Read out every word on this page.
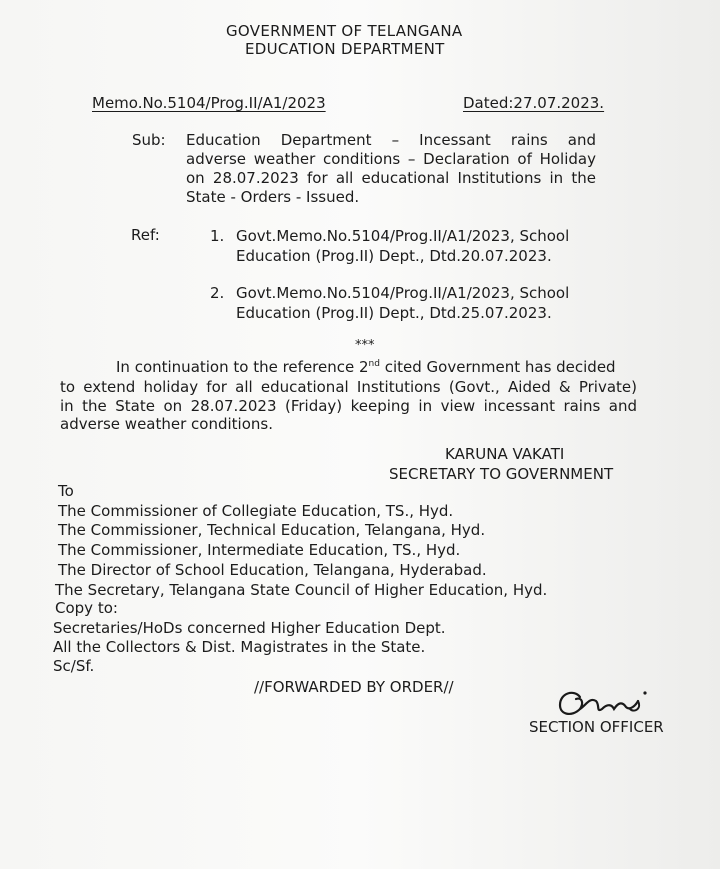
GOVERNMENT OF TELANGANA
EDUCATION DEPARTMENT
Memo.No.5104/Prog.II/A1/2023	Dated:27.07.2023.
Sub: Education Department – Incessant rains and
adverse weather conditions – Declaration of Holiday
on 28.07.2023 for all educational Institutions in the
State - Orders - Issued.
Ref:	1. Govt.Memo.No.5104/Prog.II/A1/2023, School
Education (Prog.II) Dept., Dtd.20.07.2023.
2. Govt.Memo.No.5104/Prog.II/A1/2023, School
Education (Prog.II) Dept., Dtd.25.07.2023.
***
In continuation to the reference 2nd cited Government has decided
to extend holiday for all educational Institutions (Govt., Aided & Private)
in the State on 28.07.2023 (Friday) keeping in view incessant rains and
adverse weather conditions.
KARUNA VAKATI
SECRETARY TO GOVERNMENT
To
The Commissioner of Collegiate Education, TS., Hyd.
The Commissioner, Technical Education, Telangana, Hyd.
The Commissioner, Intermediate Education, TS., Hyd.
The Director of School Education, Telangana, Hyderabad.
The Secretary, Telangana State Council of Higher Education, Hyd.
Copy to:
Secretaries/HoDs concerned Higher Education Dept.
All the Collectors & Dist. Magistrates in the State.
Sc/Sf.
//FORWARDED BY ORDER//
SECTION OFFICER
